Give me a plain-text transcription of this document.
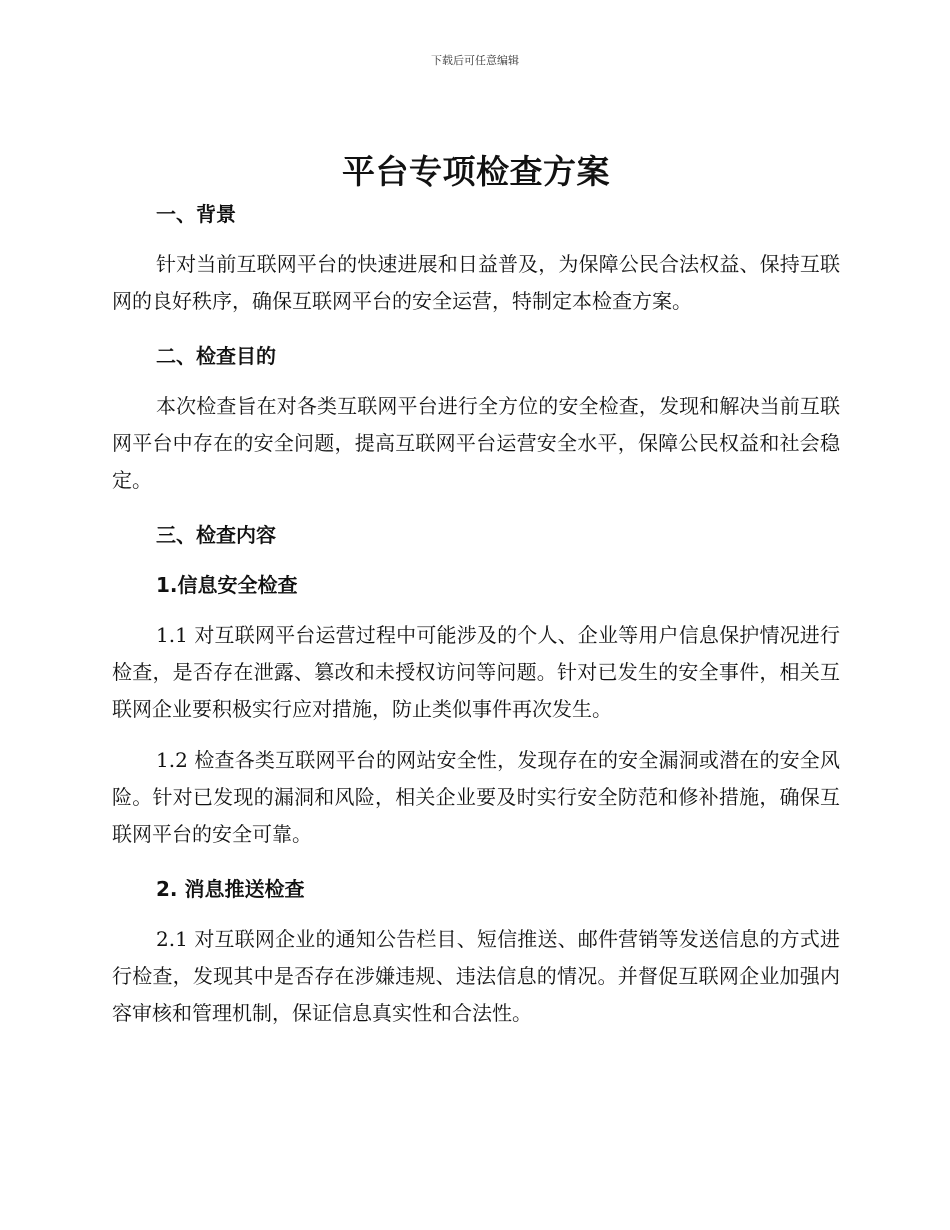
下载后可任意编辑
平台专项检查方案
一、背景

针对当前互联网平台的快速进展和日益普及，为保障公民合法权益、保持互联网的良好秩序，确保互联网平台的安全运营，特制定本检查方案。

二、检查目的

本次检查旨在对各类互联网平台进行全方位的安全检查，发现和解决当前互联网平台中存在的安全问题，提高互联网平台运营安全水平，保障公民权益和社会稳定。

三、检查内容
1.信息安全检查

1.1 对互联网平台运营过程中可能涉及的个人、企业等用户信息保护情况进行检查，是否存在泄露、篡改和未授权访问等问题。针对已发生的安全事件，相关互联网企业要积极实行应对措施，防止类似事件再次发生。

1.2 检查各类互联网平台的网站安全性，发现存在的安全漏洞或潜在的安全风险。针对已发现的漏洞和风险，相关企业要及时实行安全防范和修补措施，确保互联网平台的安全可靠。

2. 消息推送检查

2.1 对互联网企业的通知公告栏目、短信推送、邮件营销等发送信息的方式进行检查，发现其中是否存在涉嫌违规、违法信息的情况。并督促互联网企业加强内容审核和管理机制，保证信息真实性和合法性。
